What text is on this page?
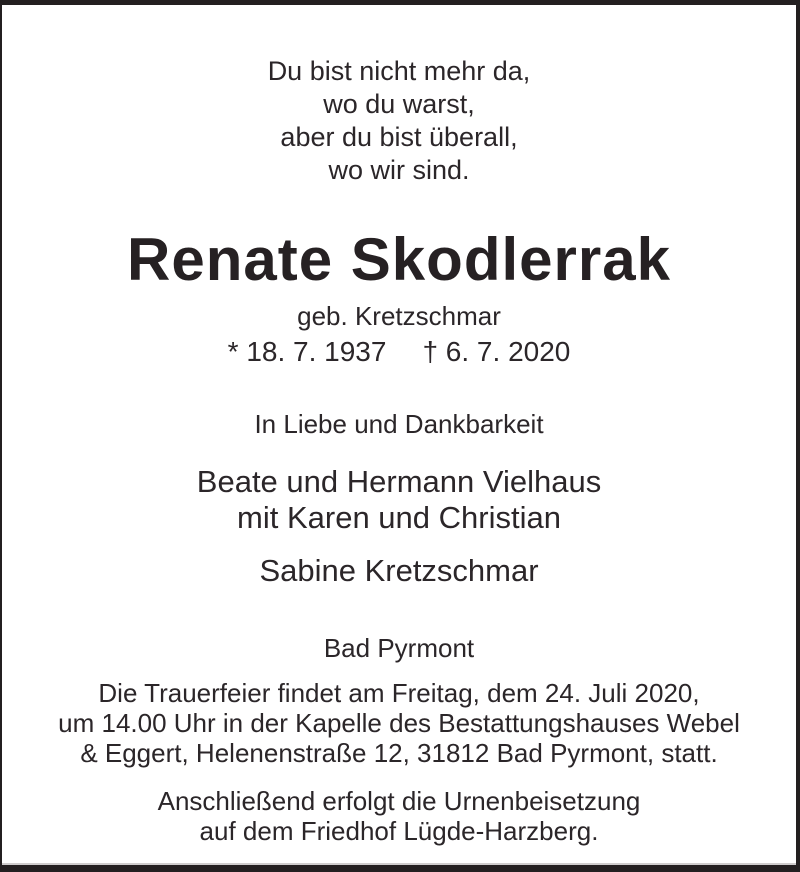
Du bist nicht mehr da,
wo du warst,
aber du bist überall,
wo wir sind.
Renate Skodlerrak
geb. Kretzschmar
* 18. 7. 1937 † 6. 7. 2020
In Liebe und Dankbarkeit
Beate und Hermann Vielhaus
mit Karen und Christian
Sabine Kretzschmar
Bad Pyrmont
Die Trauerfeier findet am Freitag, dem 24. Juli 2020,
um 14.00 Uhr in der Kapelle des Bestattungshauses Webel
& Eggert, Helenenstraße 12, 31812 Bad Pyrmont, statt.
Anschließend erfolgt die Urnenbeisetzung
auf dem Friedhof Lügde-Harzberg.
